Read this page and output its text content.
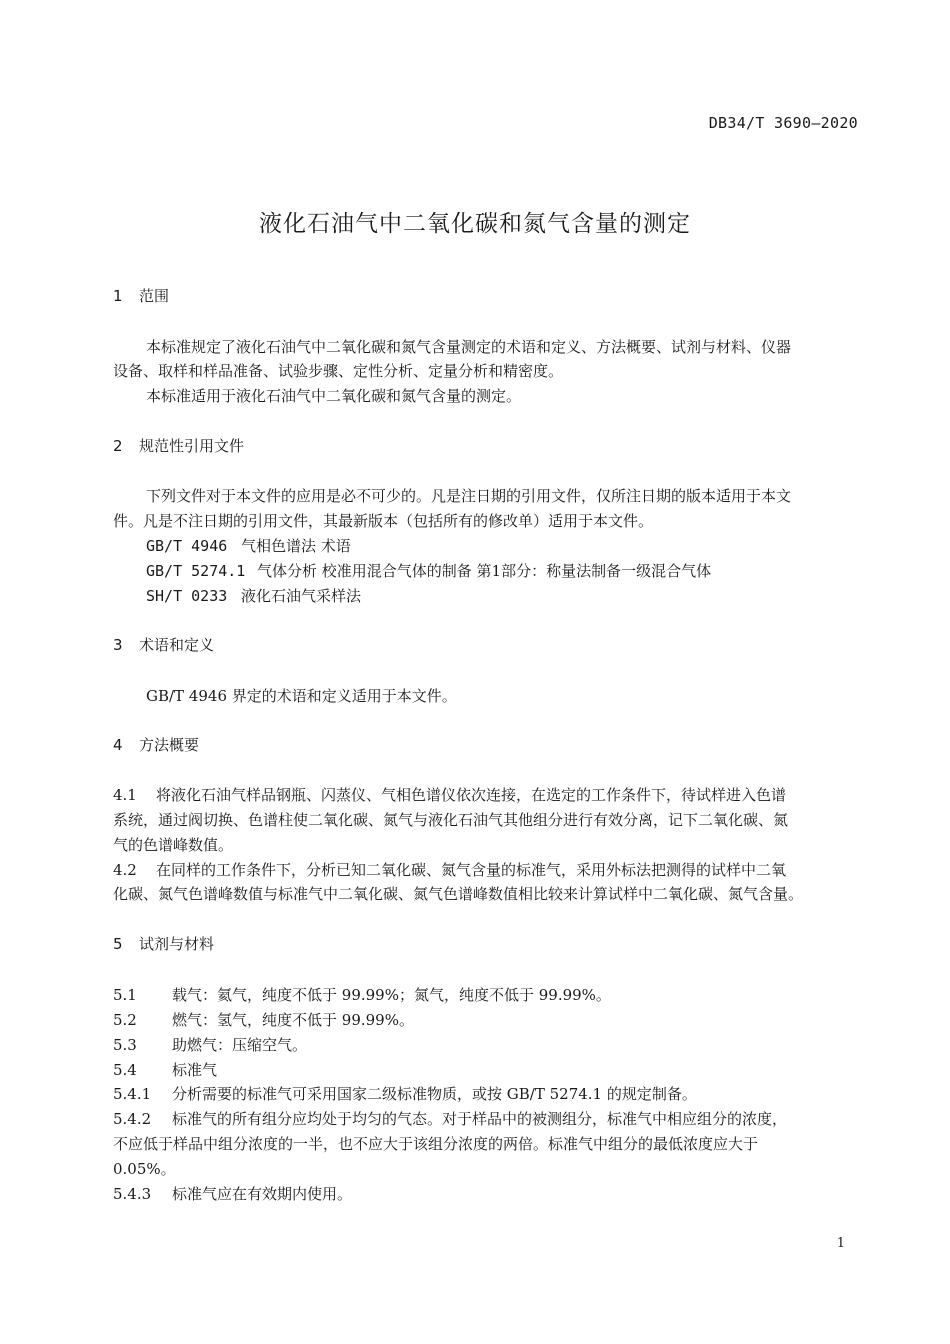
DB34/T 3690—2020
液化石油气中二氧化碳和氮气含量的测定
1 范围
本标准规定了液化石油气中二氧化碳和氮气含量测定的术语和定义、方法概要、试剂与材料、仪器
设备、取样和样品准备、试验步骤、定性分析、定量分析和精密度。
本标准适用于液化石油气中二氧化碳和氮气含量的测定。
2 规范性引用文件
下列文件对于本文件的应用是必不可少的。凡是注日期的引用文件，仅所注日期的版本适用于本文
件。凡是不注日期的引用文件，其最新版本（包括所有的修改单）适用于本文件。
GB/T 4946 气相色谱法 术语
GB/T 5274.1 气体分析 校准用混合气体的制备 第1部分：称量法制备一级混合气体
SH/T 0233 液化石油气采样法
3 术语和定义
GB/T 4946 界定的术语和定义适用于本文件。
4 方法概要
4.1 将液化石油气样品钢瓶、闪蒸仪、气相色谱仪依次连接，在选定的工作条件下，待试样进入色谱
系统，通过阀切换、色谱柱使二氧化碳、氮气与液化石油气其他组分进行有效分离，记下二氧化碳、氮
气的色谱峰数值。
4.2 在同样的工作条件下，分析已知二氧化碳、氮气含量的标准气，采用外标法把测得的试样中二氧
化碳、氮气色谱峰数值与标准气中二氧化碳、氮气色谱峰数值相比较来计算试样中二氧化碳、氮气含量。
5 试剂与材料
5.1 载气：氦气，纯度不低于 99.99%；氮气，纯度不低于 99.99%。
5.2 燃气：氢气，纯度不低于 99.99%。
5.3 助燃气：压缩空气。
5.4 标准气
5.4.1 分析需要的标准气可采用国家二级标准物质，或按 GB/T 5274.1 的规定制备。
5.4.2 标准气的所有组分应均处于均匀的气态。对于样品中的被测组分，标准气中相应组分的浓度，
不应低于样品中组分浓度的一半，也不应大于该组分浓度的两倍。标准气中组分的最低浓度应大于
0.05%。
5.4.3 标准气应在有效期内使用。
1
